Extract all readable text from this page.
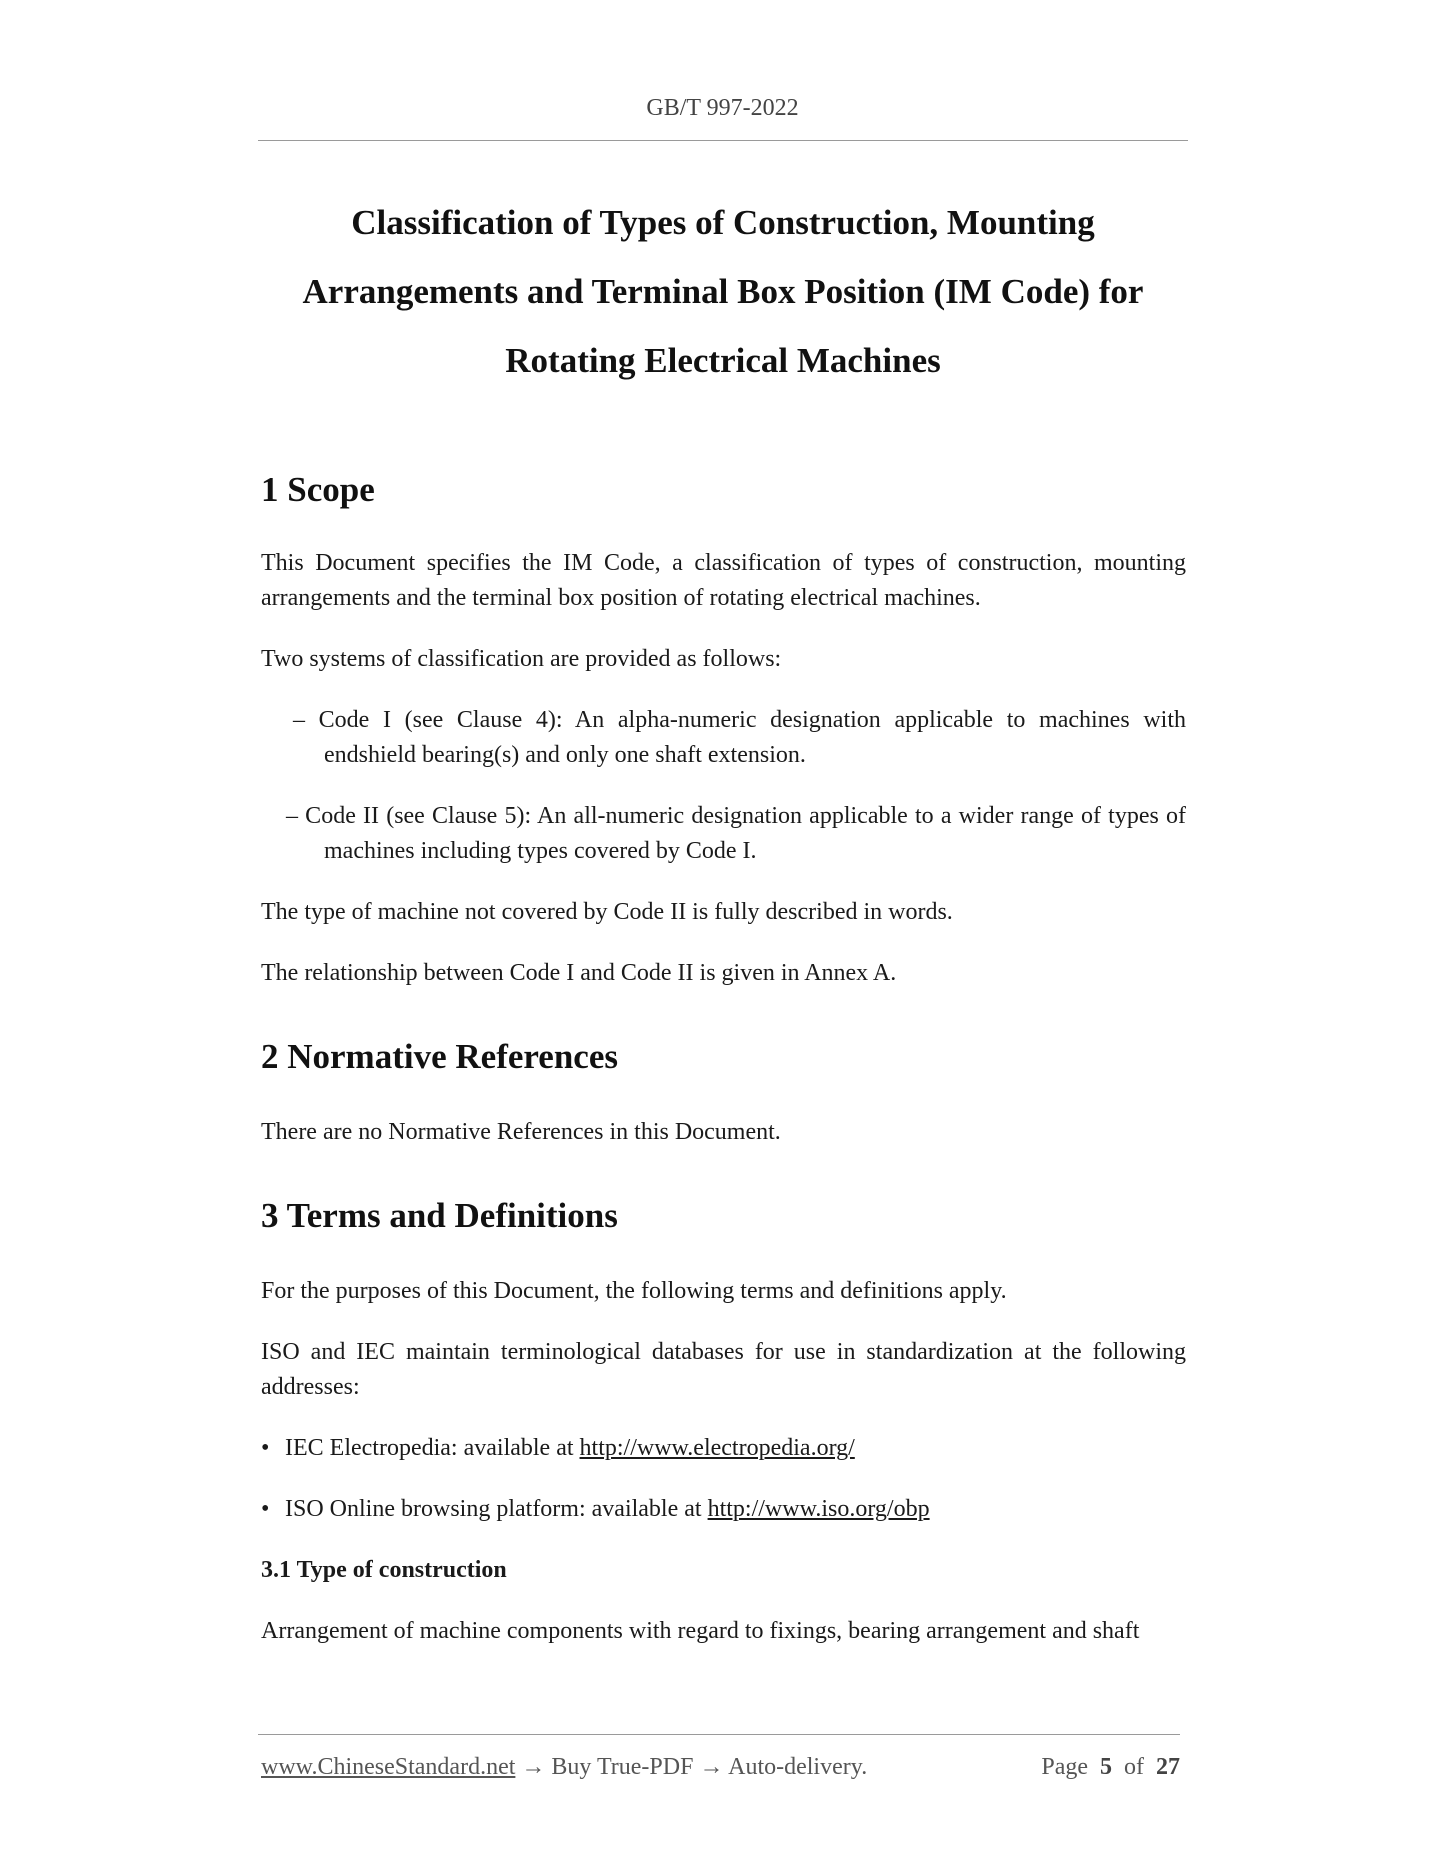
GB/T 997-2022
Classification of Types of Construction, Mounting
Arrangements and Terminal Box Position (IM Code) for
Rotating Electrical Machines
1 Scope

This Document specifies the IM Code, a classification of types of construction, mounting arrangements and the terminal box position of rotating electrical machines.

Two systems of classification are provided as follows:

– Code I (see Clause 4): An alpha-numeric designation applicable to machines with endshield bearing(s) and only one shaft extension.
– Code II (see Clause 5): An all-numeric designation applicable to a wider range of types of machines including types covered by Code I.

The type of machine not covered by Code II is fully described in words.

The relationship between Code I and Code II is given in Annex A.

2 Normative References

There are no Normative References in this Document.

3 Terms and Definitions

For the purposes of this Document, the following terms and definitions apply.

ISO and IEC maintain terminological databases for use in standardization at the following addresses:

• IEC Electropedia: available at http://www.electropedia.org/
• ISO Online browsing platform: available at http://www.iso.org/obp
3.1 Type of construction

Arrangement of machine components with regard to fixings, bearing arrangement and shaft

www.ChineseStandard.net → Buy True-PDF → Auto-delivery.	Page 5 of 27
